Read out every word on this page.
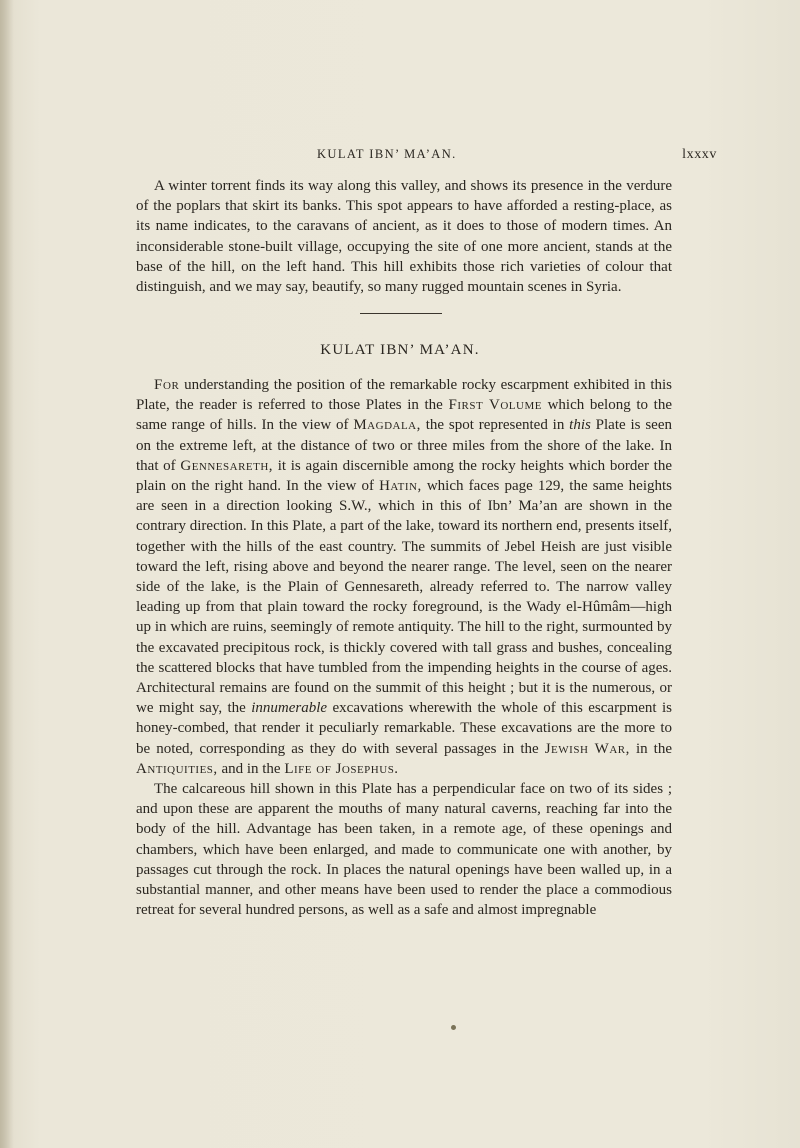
KULAT IBN’ MA’AN.	lxxxv

A winter torrent finds its way along this valley, and shows its presence in the verdure of the poplars that skirt its banks. This spot appears to have afforded a resting-place, as its name indicates, to the caravans of ancient, as it does to those of modern times. An inconsiderable stone-built village, occupying the site of one more ancient, stands at the base of the hill, on the left hand. This hill exhibits those rich varieties of colour that distinguish, and we may say, beautify, so many rugged mountain scenes in Syria.

KULAT IBN’ MA’AN.

For understanding the position of the remarkable rocky escarpment exhibited in this Plate, the reader is referred to those Plates in the First Volume which belong to the same range of hills. In the view of Magdala, the spot represented in this Plate is seen on the extreme left, at the distance of two or three miles from the shore of the lake. In that of Gennesareth, it is again discernible among the rocky heights which border the plain on the right hand. In the view of Hatin, which faces page 129, the same heights are seen in a direction looking S.W., which in this of Ibn’ Ma’an are shown in the contrary direction. In this Plate, a part of the lake, toward its northern end, presents itself, together with the hills of the east country. The summits of Jebel Heish are just visible toward the left, rising above and beyond the nearer range. The level, seen on the nearer side of the lake, is the Plain of Gennesareth, already referred to. The narrow valley leading up from that plain toward the rocky foreground, is the Wady el-Hûmâm—high up in which are ruins, seemingly of remote antiquity. The hill to the right, surmounted by the excavated precipitous rock, is thickly covered with tall grass and bushes, concealing the scattered blocks that have tumbled from the impending heights in the course of ages. Architectural remains are found on the summit of this height ; but it is the numerous, or we might say, the innumerable excavations wherewith the whole of this escarpment is honey-combed, that render it peculiarly remarkable. These excavations are the more to be noted, corresponding as they do with several passages in the Jewish War, in the Antiquities, and in the Life of Josephus.

The calcareous hill shown in this Plate has a perpendicular face on two of its sides ; and upon these are apparent the mouths of many natural caverns, reaching far into the body of the hill. Advantage has been taken, in a remote age, of these openings and chambers, which have been enlarged, and made to communicate one with another, by passages cut through the rock. In places the natural openings have been walled up, in a substantial manner, and other means have been used to render the place a commodious retreat for several hundred persons, as well as a safe and almost impregnable
